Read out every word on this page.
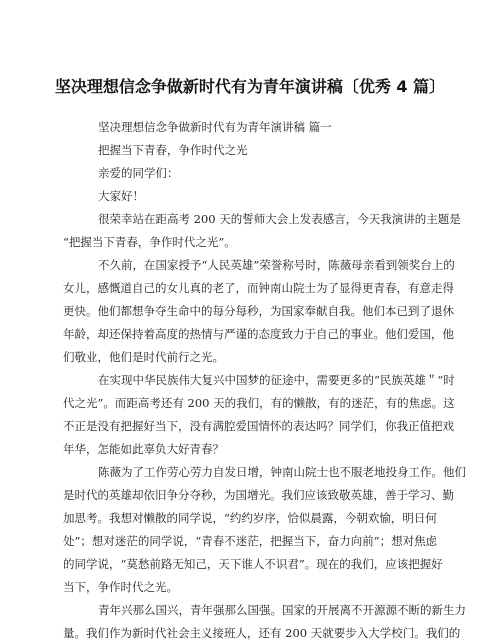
坚决理想信念争做新时代有为青年演讲稿〔优秀 4 篇〕
坚决理想信念争做新时代有为青年演讲稿 篇一
把握当下青春，争作时代之光
亲爱的同学们：
大家好！
很荣幸站在距高考 200 天的誓师大会上发表感言，今天我演讲的主题是
“把握当下青春，争作时代之光”。
不久前，在国家授予“人民英雄”荣誉称号时，陈薇母亲看到领奖台上的
女儿，感慨道自己的女儿真的老了，而钟南山院士为了显得更青春，有意走得
更快。他们都想争夺生命中的每分每秒，为国家奉献自我。他们本已到了退休
年龄，却还保持着高度的热情与严谨的态度致力于自己的事业。他们爱国，他
们敬业，他们是时代前行之光。
在实现中华民族伟大复兴中国梦的征途中，需要更多的“民族英雄＂“时
代之光”。而距高考还有 200 天的我们，有的懒散，有的迷茫，有的焦虑。这
不正是没有把握好当下，没有满腔爱国情怀的表达吗？同学们，你我正值把戏
年华，怎能如此辜负大好青春？
陈薇为了工作劳心劳力自发日增，钟南山院士也不服老地投身工作。他们
是时代的英雄却依旧争分夺秒，为国增光。我们应该致敬英雄，善于学习、勤
加思考。我想对懒散的同学说，“约约岁序，恰似晨露，今朝欢愉，明日何
处”；想对迷茫的同学说，“青春不迷茫，把握当下，奋力向前”；想对焦虑
的同学说，“莫愁前路无知己，天下谁人不识君”。现在的我们，应该把握好
当下，争作时代之光。
青年兴那么国兴，青年强那么国强。国家的开展离不开源源不断的新生力
量。我们作为新时代社会主义接班人，还有 200 天就要步入大学校门。我们的
